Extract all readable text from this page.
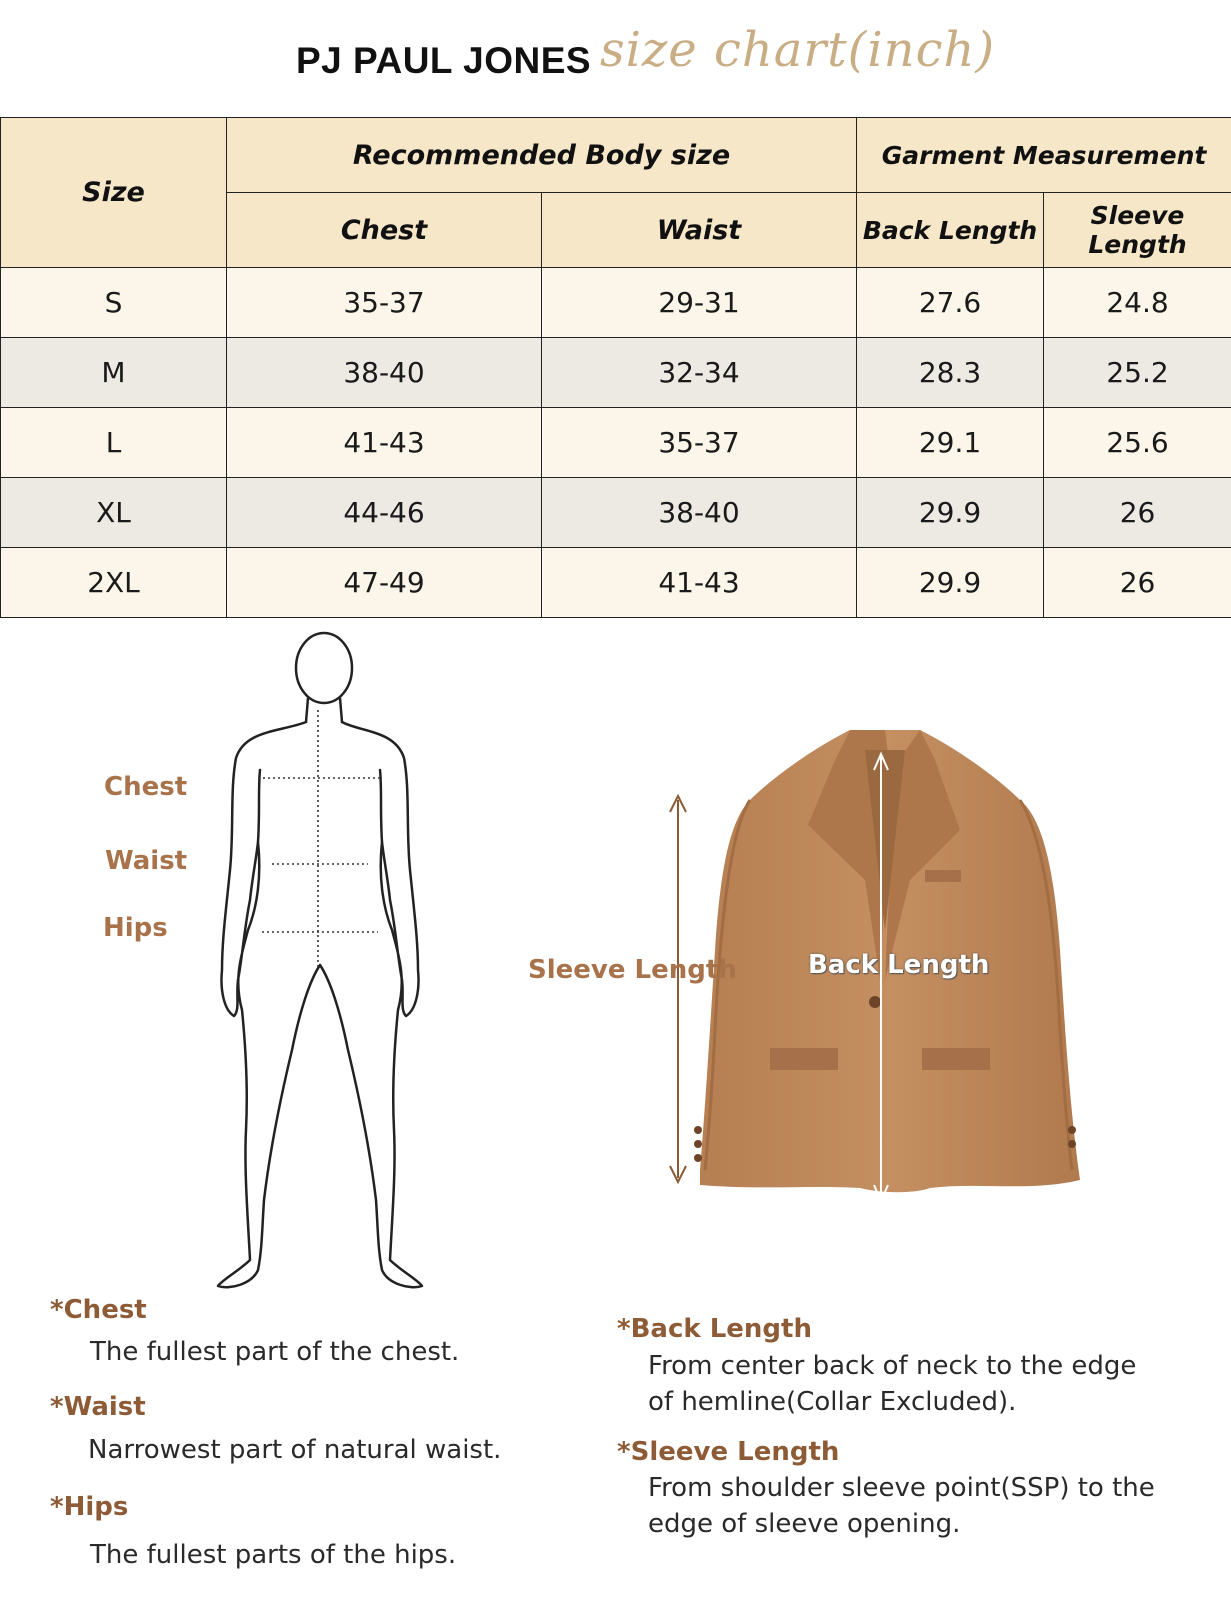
PJ PAUL JONES size chart(inch)
Size	Recommended Body size		Garment Measurement	
	Chest	Waist	Back Length	Sleeve Length
S	35-37	29-31	27.6	24.8
M	38-40	32-34	28.3	25.2
L	41-43	35-37	29.1	25.6
XL	44-46	38-40	29.9	26
2XL	47-49	41-43	29.9	26
Chest
Waist
Hips
Sleeve Length	Back Length
*Chest
The fullest part of the chest.
*Waist
Narrowest part of natural waist.
*Hips
The fullest parts of the hips.
*Back Length
From center back of neck to the edge
of hemline(Collar Excluded).
*Sleeve Length
From shoulder sleeve point(SSP) to the
edge of sleeve opening.
